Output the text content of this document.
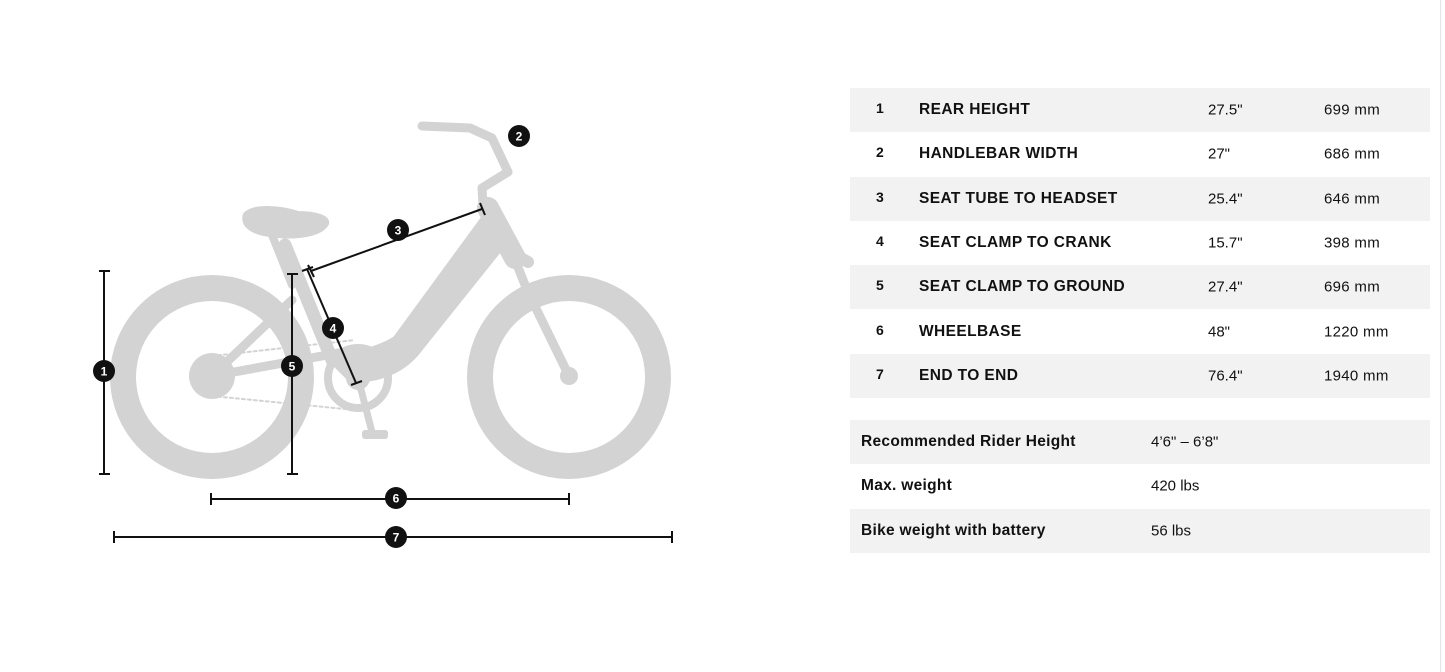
1
2
3
4
5
6
7
1 REAR HEIGHT	27.5"	699 mm
2 HANDLEBAR WIDTH	27"	686 mm
3 SEAT TUBE TO HEADSET	25.4"	646 mm
4 SEAT CLAMP TO CRANK	15.7"	398 mm
5 SEAT CLAMP TO GROUND	27.4"	696 mm
6 WHEELBASE	48"	1220 mm
7 END TO END	76.4"	1940 mm
Recommended Rider Height	4’6" – 6’8"
Max. weight	420 lbs
Bike weight with battery	56 lbs
